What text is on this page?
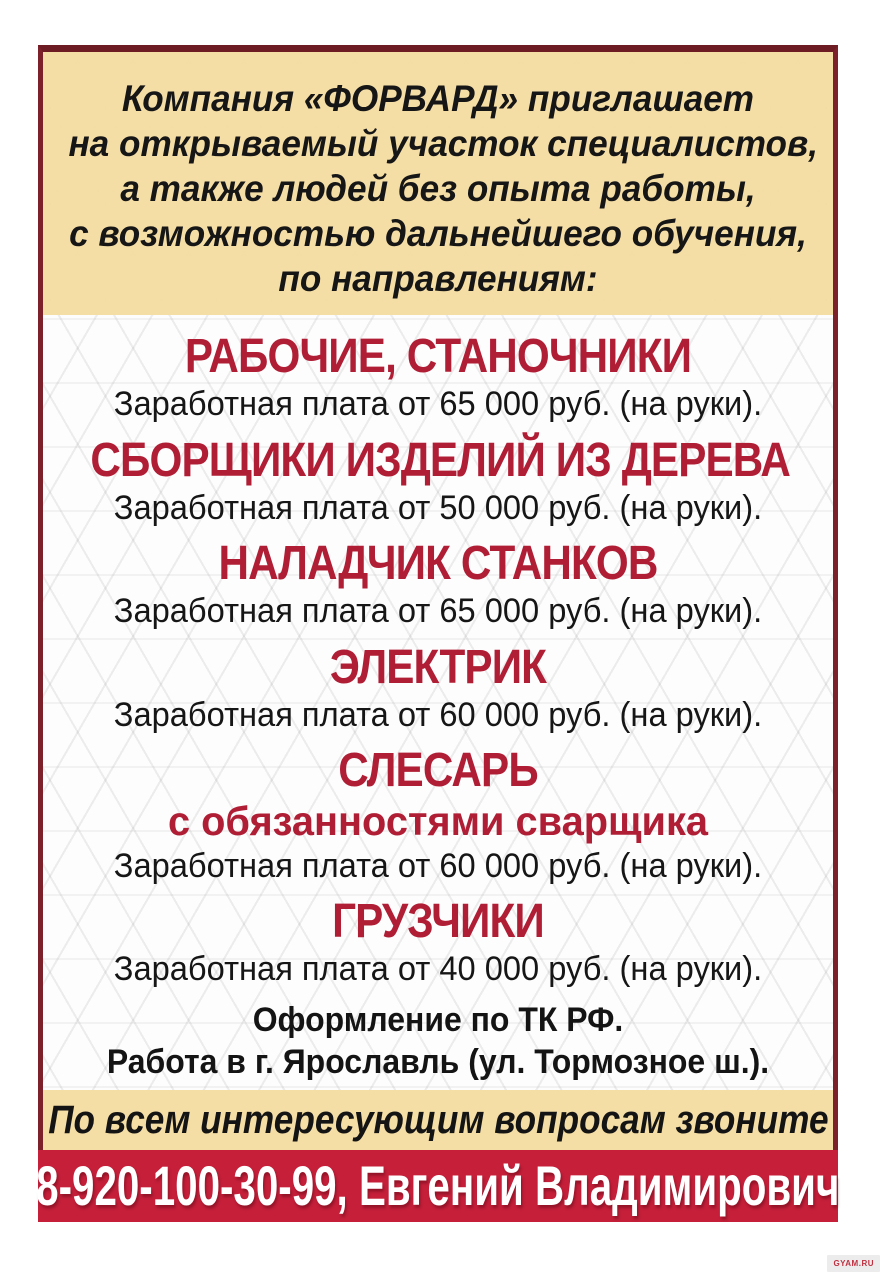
Компания «ФОРВАРД» приглашает
на открываемый участок специалистов,
а также людей без опыта работы,
с возможностью дальнейшего обучения,
по направлениям:
РАБОЧИЕ, СТАНОЧНИКИ
Заработная плата от 65 000 руб. (на руки).
СБОРЩИКИ ИЗДЕЛИЙ ИЗ ДЕРЕВА
Заработная плата от 50 000 руб. (на руки).
НАЛАДЧИК СТАНКОВ
Заработная плата от 65 000 руб. (на руки).
ЭЛЕКТРИК
Заработная плата от 60 000 руб. (на руки).
СЛЕСАРЬ
с обязанностями сварщика
Заработная плата от 60 000 руб. (на руки).
ГРУЗЧИКИ
Заработная плата от 40 000 руб. (на руки).
Оформление по ТК РФ.
Работа в г. Ярославль (ул. Тормозное ш.).
По всем интересующим вопросам звоните
8-920-100-30-99, Евгений Владимирович
GYAM.RU
